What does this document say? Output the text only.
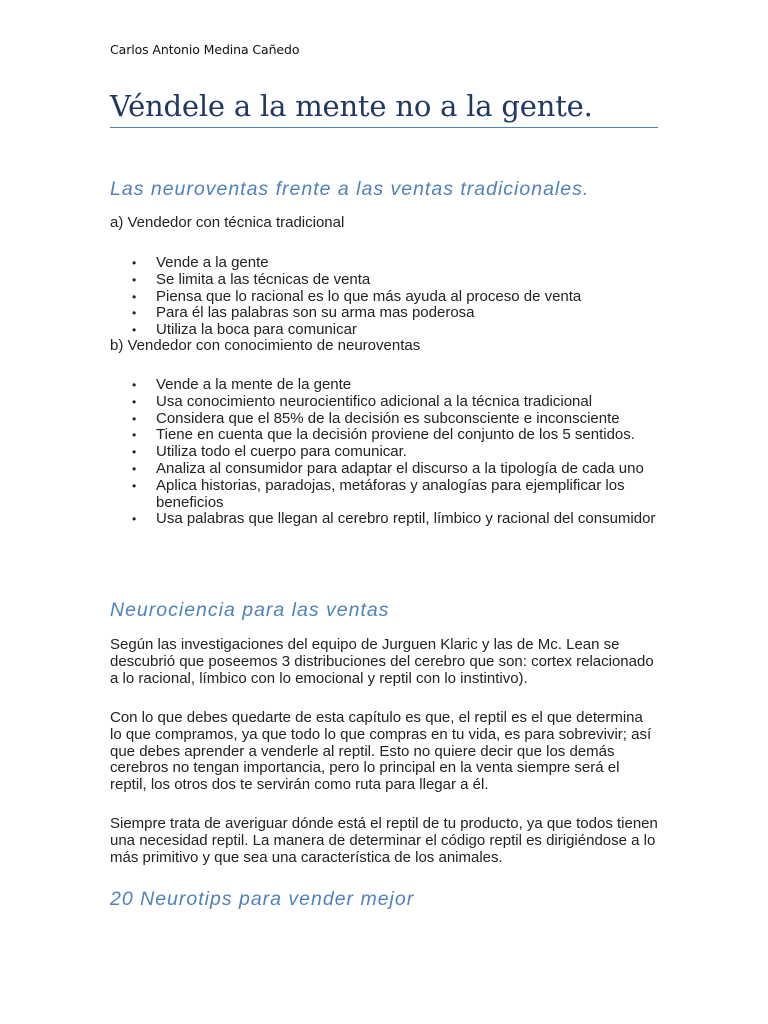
Carlos Antonio Medina Cañedo
Véndele a la mente no a la gente.
Las neuroventas frente a las ventas tradicionales.

a) Vendedor con técnica tradicional

• Vende a la gente
• Se limita a las técnicas de venta
• Piensa que lo racional es lo que más ayuda al proceso de venta
• Para él las palabras son su arma mas poderosa
• Utiliza la boca para comunicar

b) Vendedor con conocimiento de neuroventas

• Vende a la mente de la gente
• Usa conocimiento neurocientifico adicional a la técnica tradicional
• Considera que el 85% de la decisión es subconsciente e inconsciente
• Tiene en cuenta que la decisión proviene del conjunto de los 5 sentidos.
• Utiliza todo el cuerpo para comunicar.
• Analiza al consumidor para adaptar el discurso a la tipología de cada uno
• Aplica historias, paradojas, metáforas y analogías para ejemplificar los beneficios
• Usa palabras que llegan al cerebro reptil, límbico y racional del consumidor
Neurociencia para las ventas

Según las investigaciones del equipo de Jurguen Klaric y las de Mc. Lean se descubrió que poseemos 3 distribuciones del cerebro que son: cortex relacionado a lo racional, límbico con lo emocional y reptil con lo instintivo).

Con lo que debes quedarte de esta capítulo es que, el reptil es el que determina lo que compramos, ya que todo lo que compras en tu vida, es para sobrevivir; así que debes aprender a venderle al reptil. Esto no quiere decir que los demás cerebros no tengan importancia, pero lo principal en la venta siempre será el reptil, los otros dos te servirán como ruta para llegar a él.

Siempre trata de averiguar dónde está el reptil de tu producto, ya que todos tienen una necesidad reptil. La manera de determinar el código reptil es dirigiéndose a lo más primitivo y que sea una característica de los animales.

20 Neurotips para vender mejor
